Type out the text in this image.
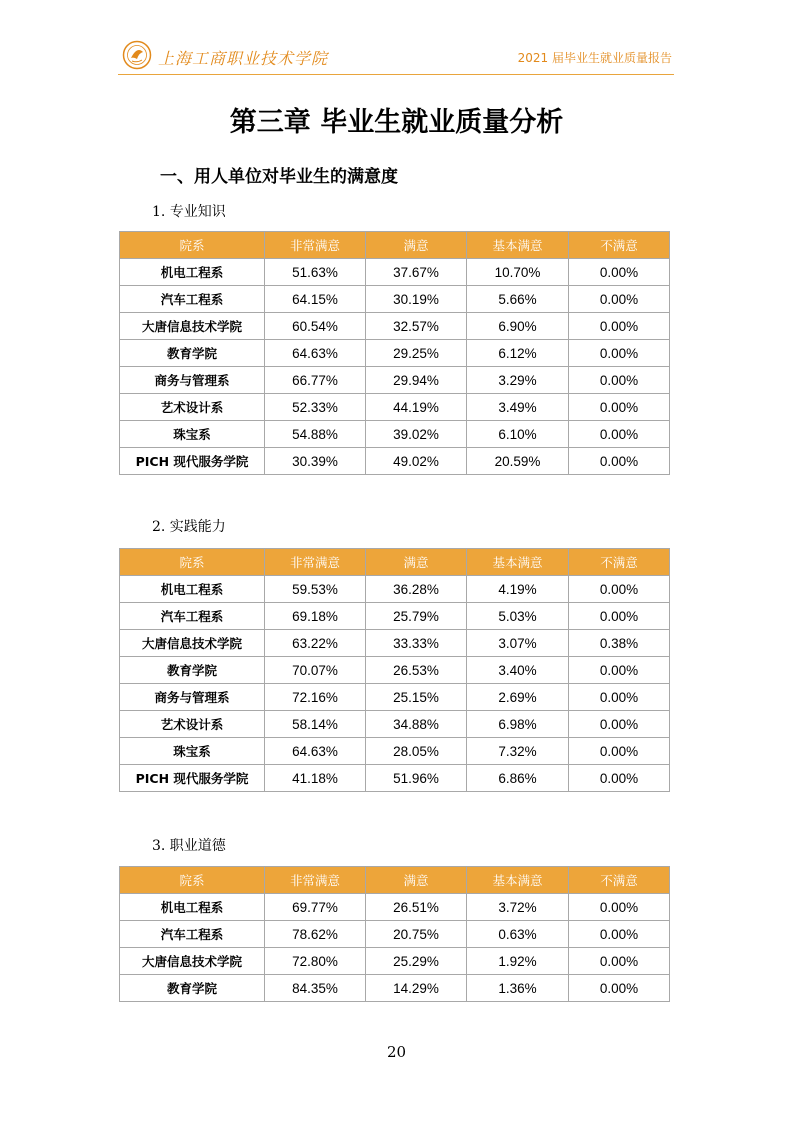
上海工商职业技术学院	2021 届毕业生就业质量报告
第三章 毕业生就业质量分析
一、用人单位对毕业生的满意度
1. 专业知识
院系	非常满意	满意	基本满意	不满意
机电工程系	51.63%	37.67%	10.70%	0.00%
汽车工程系	64.15%	30.19%	5.66%	0.00%
大唐信息技术学院	60.54%	32.57%	6.90%	0.00%
教育学院	64.63%	29.25%	6.12%	0.00%
商务与管理系	66.77%	29.94%	3.29%	0.00%
艺术设计系	52.33%	44.19%	3.49%	0.00%
珠宝系	54.88%	39.02%	6.10%	0.00%
PICH 现代服务学院	30.39%	49.02%	20.59%	0.00%
2. 实践能力
院系	非常满意	满意	基本满意	不满意
机电工程系	59.53%	36.28%	4.19%	0.00%
汽车工程系	69.18%	25.79%	5.03%	0.00%
大唐信息技术学院	63.22%	33.33%	3.07%	0.38%
教育学院	70.07%	26.53%	3.40%	0.00%
商务与管理系	72.16%	25.15%	2.69%	0.00%
艺术设计系	58.14%	34.88%	6.98%	0.00%
珠宝系	64.63%	28.05%	7.32%	0.00%
PICH 现代服务学院	41.18%	51.96%	6.86%	0.00%
3. 职业道德
院系	非常满意	满意	基本满意	不满意
机电工程系	69.77%	26.51%	3.72%	0.00%
汽车工程系	78.62%	20.75%	0.63%	0.00%
大唐信息技术学院	72.80%	25.29%	1.92%	0.00%
教育学院	84.35%	14.29%	1.36%	0.00%
20
